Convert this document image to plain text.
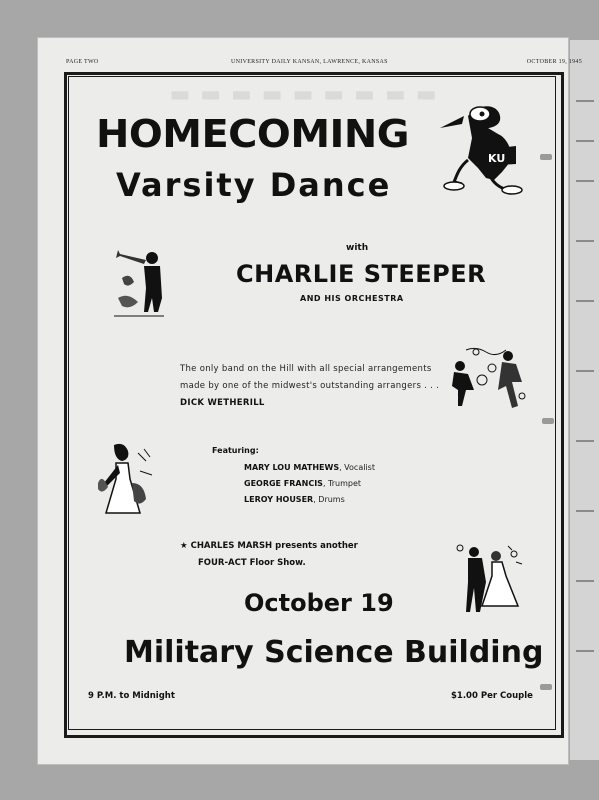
PAGE TWO	UNIVERSITY DAILY KANSAN, LAWRENCE, KANSAS	OCTOBER 19, 1945
▬▬▬▬▬▬▬▬▬
HOMECOMING
Varsity Dance
KU
with
CHARLIE STEEPER
AND HIS ORCHESTRA
The only band on the Hill with all special arrangements
made by one of the midwest's outstanding arrangers . . .
DICK WETHERILL
Featuring:
MARY LOU MATHEWS, Vocalist
GEORGE FRANCIS, Trumpet
LEROY HOUSER, Drums
★ CHARLES MARSH presents another
FOUR-ACT Floor Show.
October 19
Military Science Building
9 P.M. to Midnight	$1.00 Per Couple
